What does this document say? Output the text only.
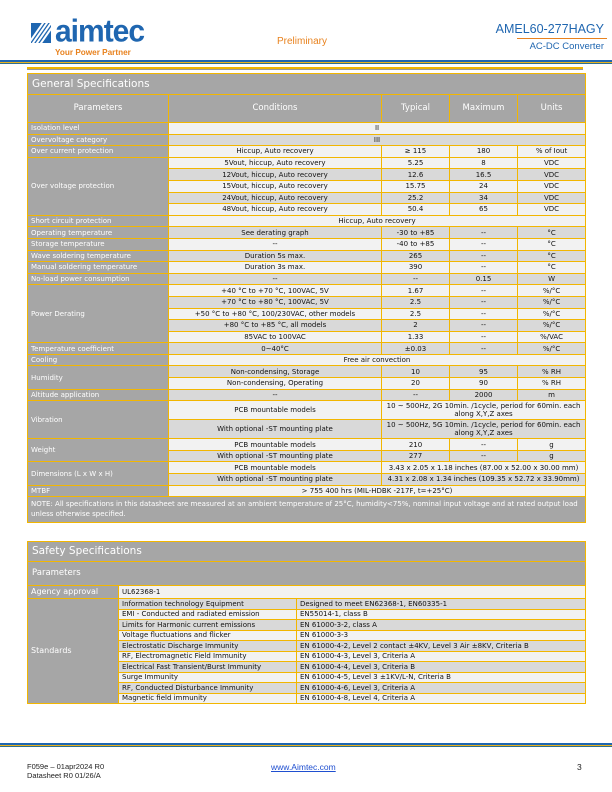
aimtec
Your Power Partner
Preliminary
AMEL60-277HAGY
AC-DC Converter
General Specifications				
Parameters	Conditions	Typical	Maximum	Units
Isolation level	II			
Overvoltage category	III			
Over current protection	Hiccup, Auto recovery	≥ 115	180	% of Iout
Over voltage protection	5Vout, hiccup, Auto recovery	5.25	8	VDC
	12Vout, hiccup, Auto recovery	12.6	16.5	VDC
	15Vout, hiccup, Auto recovery	15.75	24	VDC
	24Vout, hiccup, Auto recovery	25.2	34	VDC
	48Vout, hiccup, Auto recovery	50.4	65	VDC
Short circuit protection	Hiccup, Auto recovery			
Operating temperature	See derating graph	-30 to +85	--	°C
Storage temperature	--	-40 to +85	--	°C
Wave soldering temperature	Duration 5s max.	265	--	°C
Manual soldering temperature	Duration 3s max.	390	--	°C
No-load power consumption	--	--	0.15	W
Power Derating	+40 °C to +70 °C, 100VAC, 5V	1.67	--	%/°C
	+70 °C to +80 °C, 100VAC, 5V	2.5	--	%/°C
	+50 °C to +80 °C, 100/230VAC, other models	2.5	--	%/°C
	+80 °C to +85 °C, all models	2	--	%/°C
	85VAC to 100VAC	1.33	--	%/VAC
Temperature coefficient	0~40°C	±0.03	--	%/°C
Cooling	Free air convection			
Humidity	Non-condensing, Storage	10	95	% RH
	Non-condensing, Operating	20	90	% RH
Altitude application	--	--	2000	m
Vibration	PCB mountable models	10 ~ 500Hz, 2G 10min. /1cycle, period for 60min. each along X,Y,Z axes		
	With optional -ST mounting plate	10 ~ 500Hz, 5G 10min. /1cycle, period for 60min. each along X,Y,Z axes		
Weight	PCB mountable models	210	--	g
	With optional -ST mounting plate	277	--	g
Dimensions (L x W x H)	PCB mountable models	3.43 x 2.05 x 1.18 inches (87.00 x 52.00 x 30.00 mm)		
	With optional -ST mounting plate	4.31 x 2.08 x 1.34 inches (109.35 x 52.72 x 33.90mm)		
MTBF	> 755 400 hrs (MIL-HDBK -217F, t=+25°C)			
NOTE: All specifications in this datasheet are measured at an ambient temperature of 25°C, humidity<75%, nominal input voltage and at rated output load unless otherwise specified.				
Safety Specifications		
Parameters		
Agency approval	UL62368-1	
Standards	Information technology Equipment	Designed to meet EN62368-1, EN60335-1
	EMI - Conducted and radiated emission	EN55014-1, class B
	Limits for Harmonic current emissions	EN 61000-3-2, class A
	Voltage fluctuations and flicker	EN 61000-3-3
	Electrostatic Discharge Immunity	EN 61000-4-2, Level 2 contact ±4KV, Level 3 Air ±8KV, Criteria B
	RF, Electromagnetic Field Immunity	EN 61000-4-3, Level 3, Criteria A
	Electrical Fast Transient/Burst Immunity	EN 61000-4-4, Level 3, Criteria B
	Surge Immunity	EN 61000-4-5, Level 3 ±1KV/L-N, Criteria B
	RF, Conducted Disturbance Immunity	EN 61000-4-6, Level 3, Criteria A
	Magnetic field immunity	EN 61000-4-8, Level 4, Criteria A
F059e – 01apr2024 R0
Datasheet R0 01/26/A
www.Aimtec.com	3
